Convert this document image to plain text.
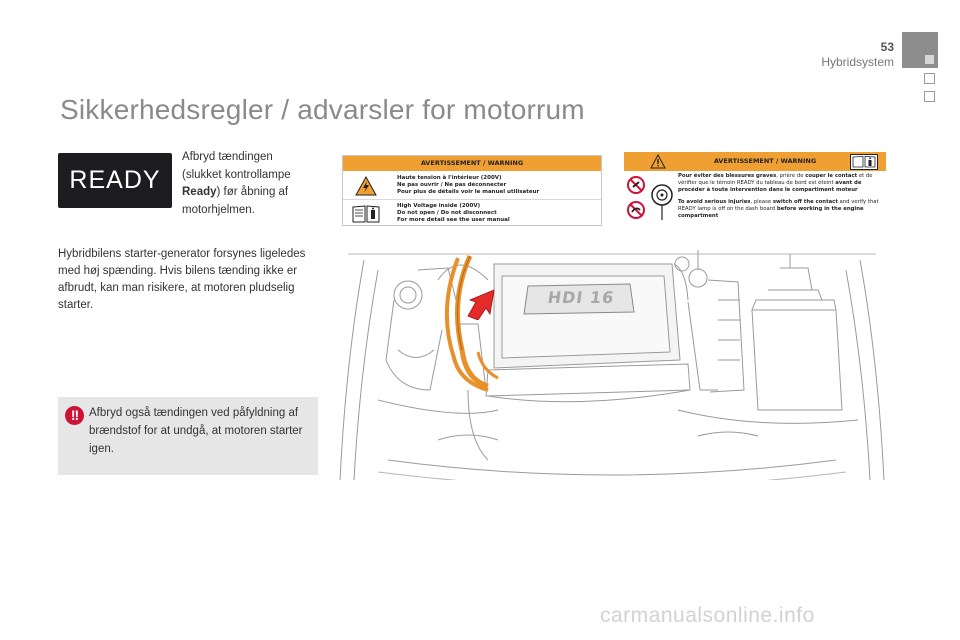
53
Hybridsystem
Sikkerhedsregler / advarsler for motorrum
READY

Afbryd tændingen (slukket kontrollampe Ready) før åbning af motorhjelmen.

Hybridbilens starter-generator forsynes ligeledes med høj spænding. Hvis bilens tænding ikke er afbrudt, kan man risikere, at motoren pludselig starter.

!! Afbryd også tændingen ved påfyldning af brændstof for at undgå, at motoren starter igen.

AVERTISSEMENT / WARNING
Haute tension à l'intérieur (200V)
Ne pas ouvrir / Ne pas déconnecter
Pour plus de détails voir le manuel utilisateur
High Voltage inside (200V)
Do not open / Do not disconnect
For more detail see the user manual
AVERTISSEMENT / WARNING
Pour éviter des blessures graves, prière de couper le contact et de vérifier que le témoin READY du tableau de bord est éteint avant de procéder à toute intervention dans le compartiment moteur
To avoid serious injuries, please switch off the contact and verify that READY lamp is off on the dash board before working in the engine compartment
HDI 16
carmanualsonline.info
